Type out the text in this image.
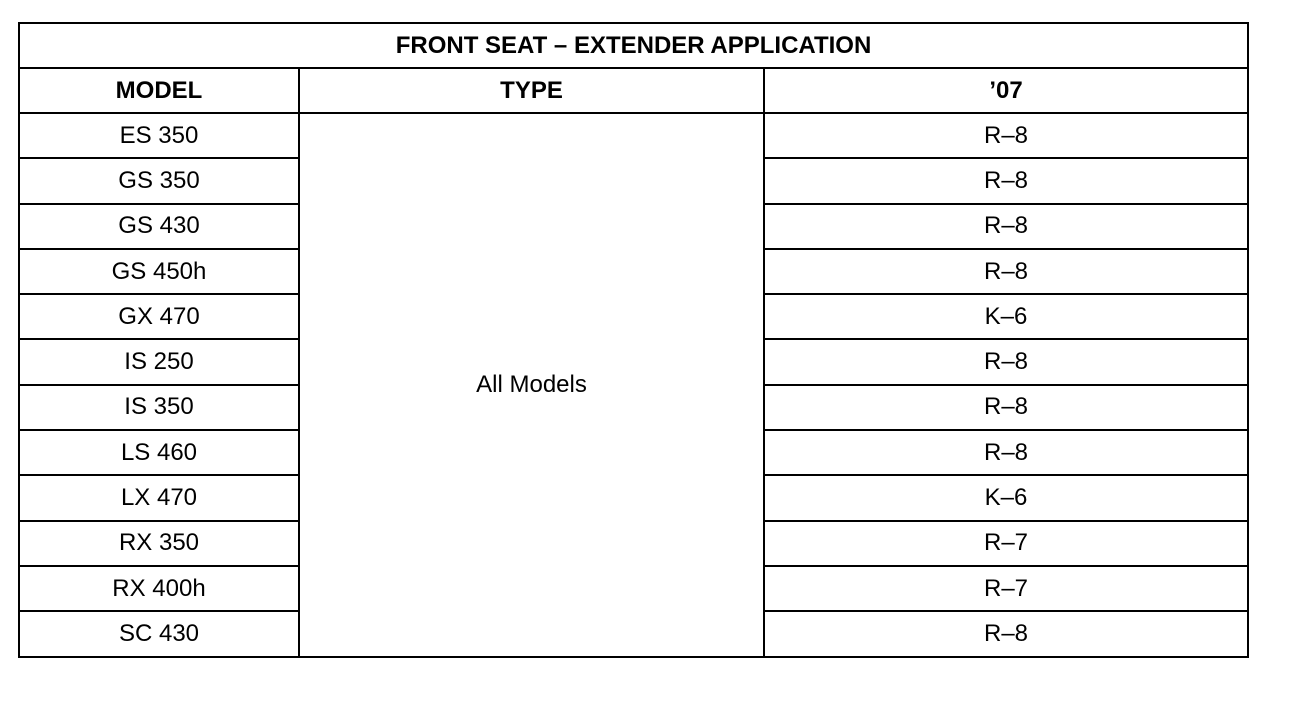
FRONT SEAT – EXTENDER APPLICATION		
MODEL	TYPE	’07
ES 350	All Models	R–8
GS 350		R–8
GS 430		R–8
GS 450h		R–8
GX 470		K–6
IS 250		R–8
IS 350		R–8
LS 460		R–8
LX 470		K–6
RX 350		R–7
RX 400h		R–7
SC 430		R–8
